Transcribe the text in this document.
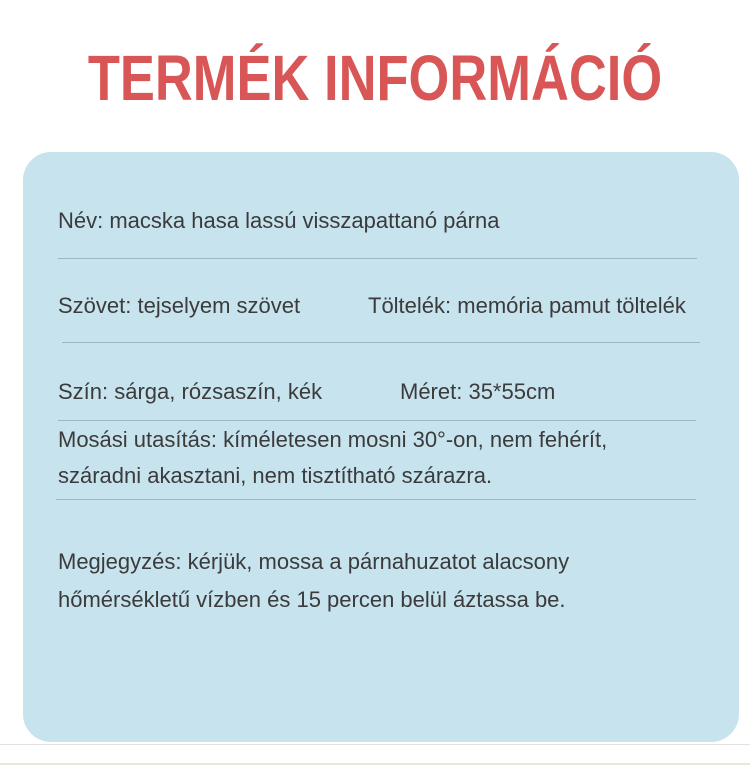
TERMÉK INFORMÁCIÓ
Név: macska hasa lassú visszapattanó párna
Szövet: tejselyem szövet	Töltelék: memória pamut töltelék
Szín: sárga, rózsaszín, kék	Méret: 35*55cm
Mosási utasítás: kíméletesen mosni 30°-on, nem fehérít,
száradni akasztani, nem tisztítható szárazra.
Megjegyzés: kérjük, mossa a párnahuzatot alacsony
hőmérsékletű vízben és 15 percen belül áztassa be.
